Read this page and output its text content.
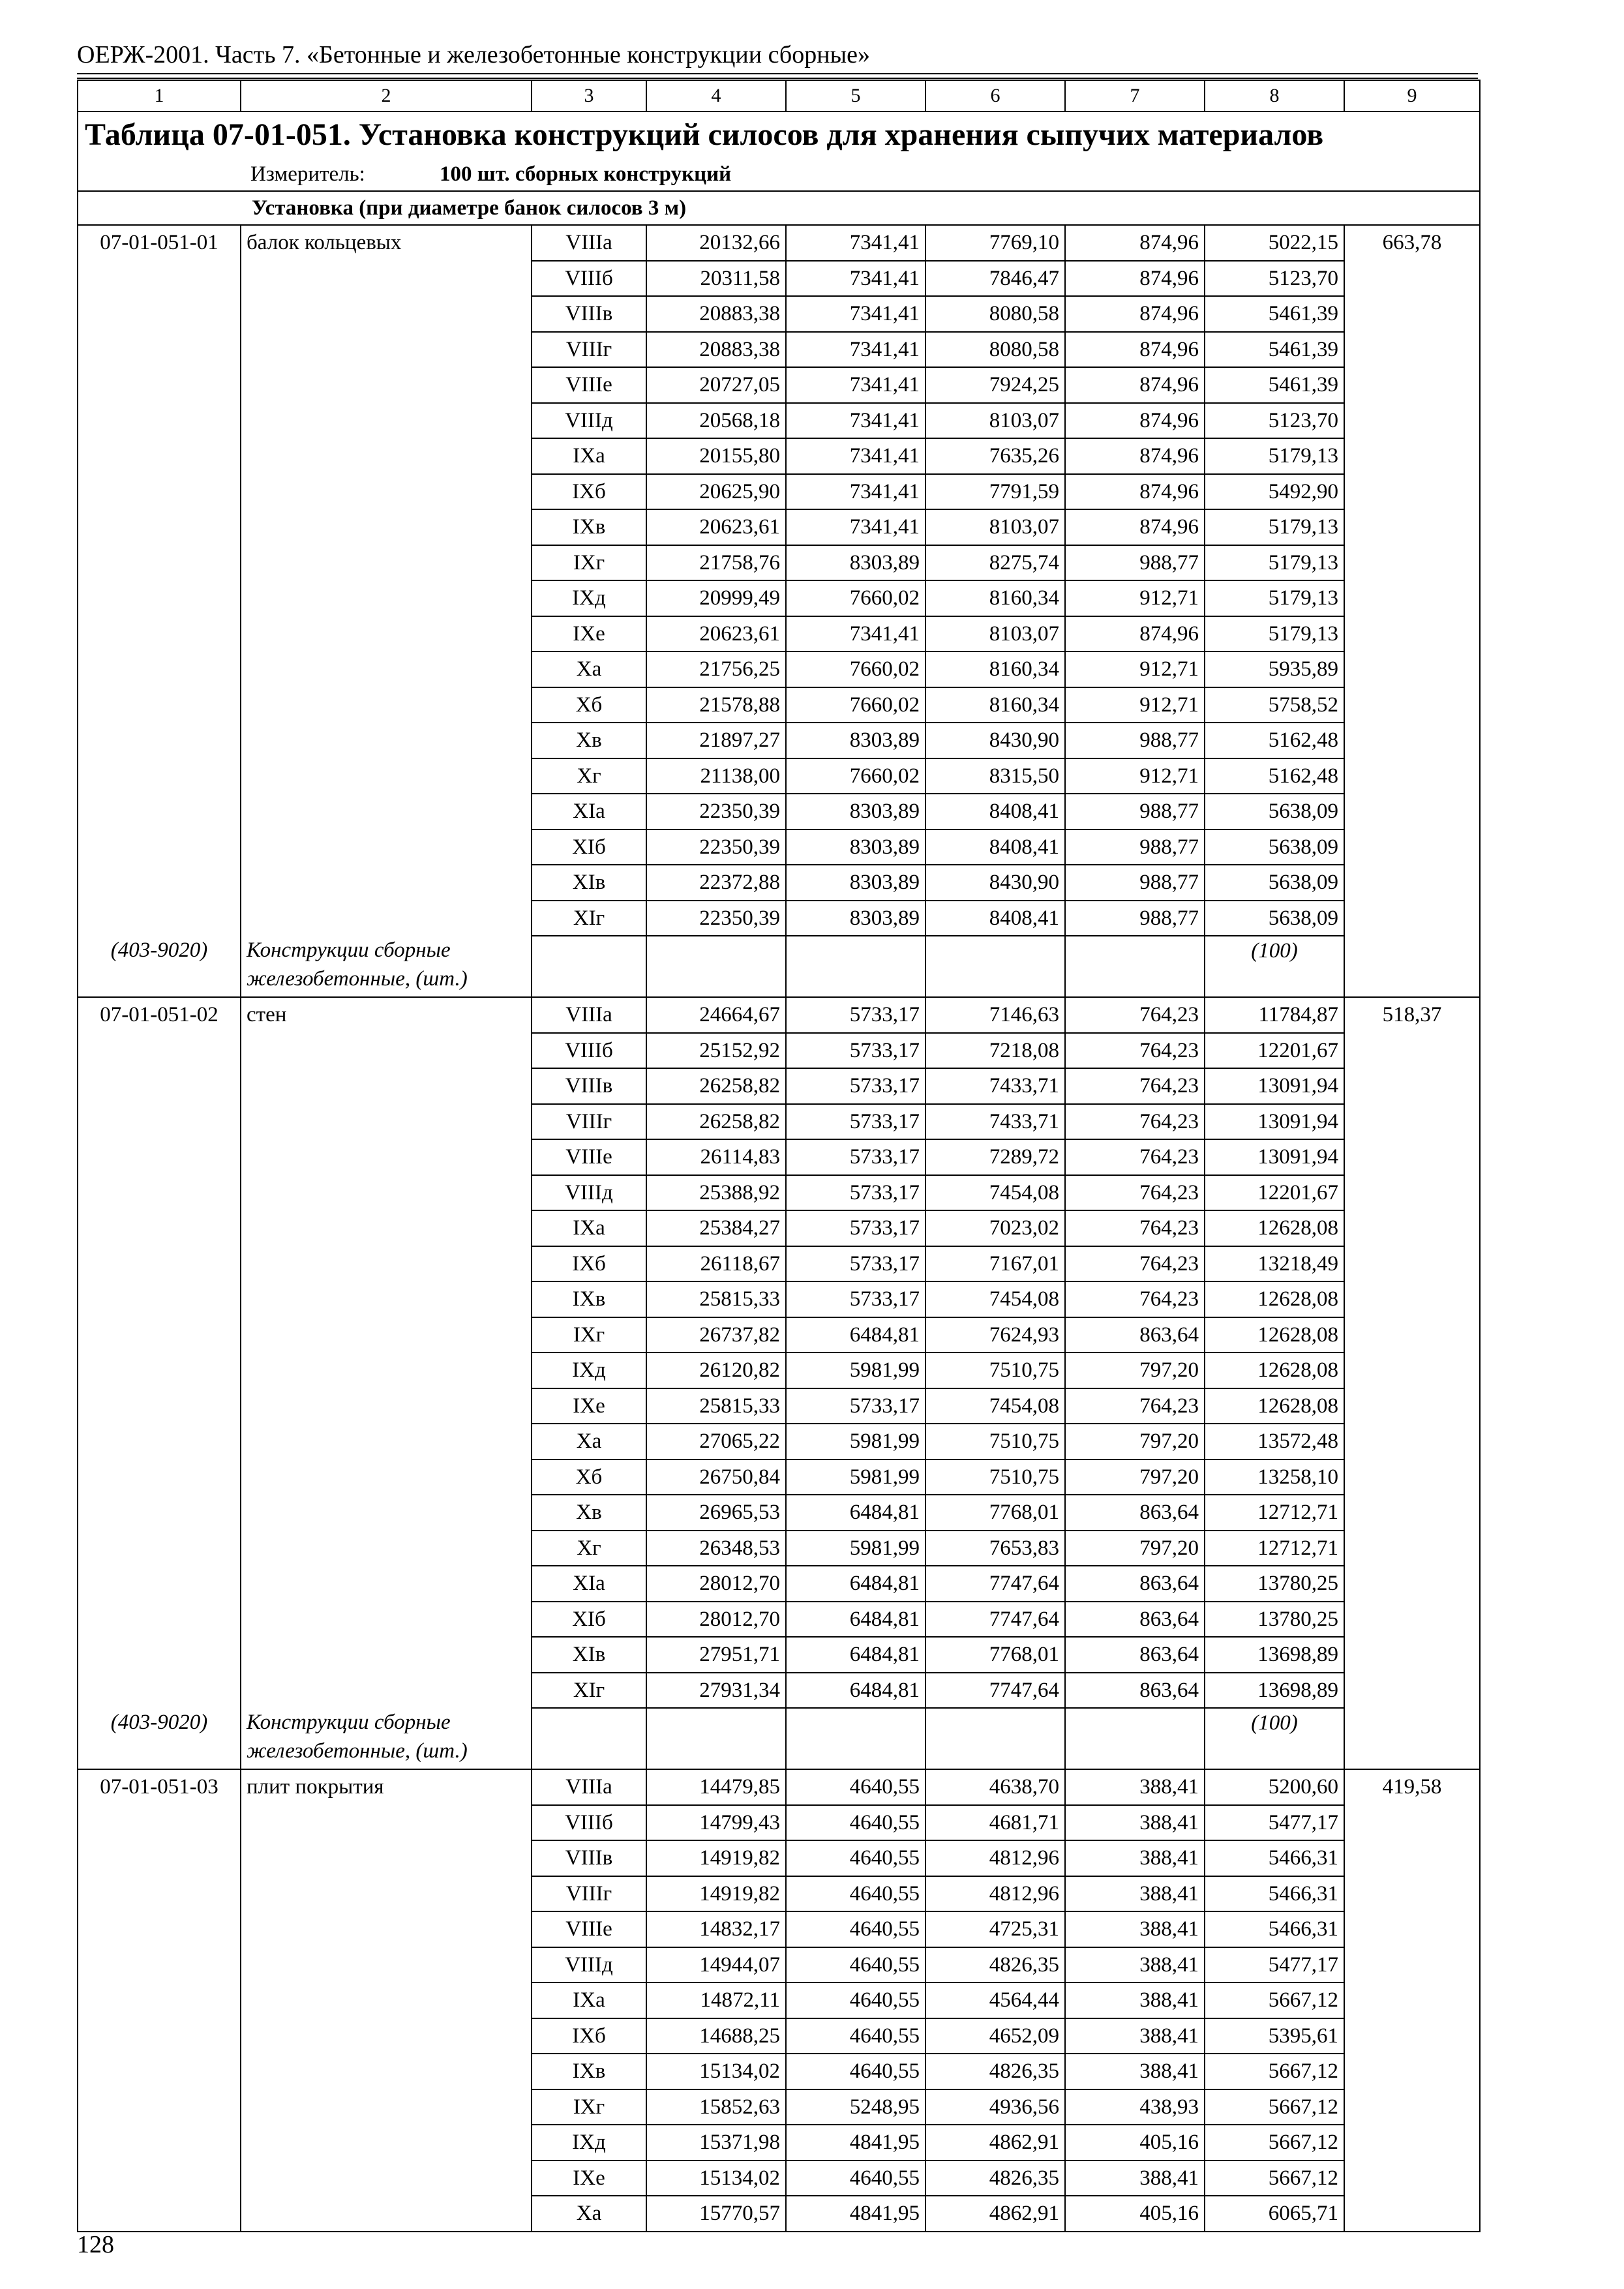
ОЕРЖ-2001. Часть 7. «Бетонные и железобетонные конструкции сборные»
1	2	3	4	5	6	7	8	9
Таблица 07-01-051. Установка конструкций силосов для хранения сыпучих материалов								
Измеритель: 100 шт. сборных конструкций								
Установка (при диаметре банок силосов 3 м)								
07-01-051-01	балок кольцевых	VIIIа	20132,66	7341,41	7769,10	874,96	5022,15	663,78
		VIIIб	20311,58	7341,41	7846,47	874,96	5123,70	
		VIIIв	20883,38	7341,41	8080,58	874,96	5461,39	
		VIIIг	20883,38	7341,41	8080,58	874,96	5461,39	
		VIIIе	20727,05	7341,41	7924,25	874,96	5461,39	
		VIIIд	20568,18	7341,41	8103,07	874,96	5123,70	
		IXа	20155,80	7341,41	7635,26	874,96	5179,13	
		IXб	20625,90	7341,41	7791,59	874,96	5492,90	
		IXв	20623,61	7341,41	8103,07	874,96	5179,13	
		IXг	21758,76	8303,89	8275,74	988,77	5179,13	
		IXд	20999,49	7660,02	8160,34	912,71	5179,13	
		IXе	20623,61	7341,41	8103,07	874,96	5179,13	
		Xа	21756,25	7660,02	8160,34	912,71	5935,89	
		Xб	21578,88	7660,02	8160,34	912,71	5758,52	
		Xв	21897,27	8303,89	8430,90	988,77	5162,48	
		Xг	21138,00	7660,02	8315,50	912,71	5162,48	
		XIа	22350,39	8303,89	8408,41	988,77	5638,09	
		XIб	22350,39	8303,89	8408,41	988,77	5638,09	
		XIв	22372,88	8303,89	8430,90	988,77	5638,09	
		XIг	22350,39	8303,89	8408,41	988,77	5638,09	
(403-9020)	Конструкции сборные железобетонные, (шт.)						(100)	
07-01-051-02	стен	VIIIа	24664,67	5733,17	7146,63	764,23	11784,87	518,37
		VIIIб	25152,92	5733,17	7218,08	764,23	12201,67	
		VIIIв	26258,82	5733,17	7433,71	764,23	13091,94	
		VIIIг	26258,82	5733,17	7433,71	764,23	13091,94	
		VIIIе	26114,83	5733,17	7289,72	764,23	13091,94	
		VIIIд	25388,92	5733,17	7454,08	764,23	12201,67	
		IXа	25384,27	5733,17	7023,02	764,23	12628,08	
		IXб	26118,67	5733,17	7167,01	764,23	13218,49	
		IXв	25815,33	5733,17	7454,08	764,23	12628,08	
		IXг	26737,82	6484,81	7624,93	863,64	12628,08	
		IXд	26120,82	5981,99	7510,75	797,20	12628,08	
		IXе	25815,33	5733,17	7454,08	764,23	12628,08	
		Xа	27065,22	5981,99	7510,75	797,20	13572,48	
		Xб	26750,84	5981,99	7510,75	797,20	13258,10	
		Xв	26965,53	6484,81	7768,01	863,64	12712,71	
		Xг	26348,53	5981,99	7653,83	797,20	12712,71	
		XIа	28012,70	6484,81	7747,64	863,64	13780,25	
		XIб	28012,70	6484,81	7747,64	863,64	13780,25	
		XIв	27951,71	6484,81	7768,01	863,64	13698,89	
		XIг	27931,34	6484,81	7747,64	863,64	13698,89	
(403-9020)	Конструкции сборные железобетонные, (шт.)						(100)	
07-01-051-03	плит покрытия	VIIIа	14479,85	4640,55	4638,70	388,41	5200,60	419,58
		VIIIб	14799,43	4640,55	4681,71	388,41	5477,17	
		VIIIв	14919,82	4640,55	4812,96	388,41	5466,31	
		VIIIг	14919,82	4640,55	4812,96	388,41	5466,31	
		VIIIе	14832,17	4640,55	4725,31	388,41	5466,31	
		VIIIд	14944,07	4640,55	4826,35	388,41	5477,17	
		IXа	14872,11	4640,55	4564,44	388,41	5667,12	
		IXб	14688,25	4640,55	4652,09	388,41	5395,61	
		IXв	15134,02	4640,55	4826,35	388,41	5667,12	
		IXг	15852,63	5248,95	4936,56	438,93	5667,12	
		IXд	15371,98	4841,95	4862,91	405,16	5667,12	
		IXе	15134,02	4640,55	4826,35	388,41	5667,12	
		Xа	15770,57	4841,95	4862,91	405,16	6065,71	
128
